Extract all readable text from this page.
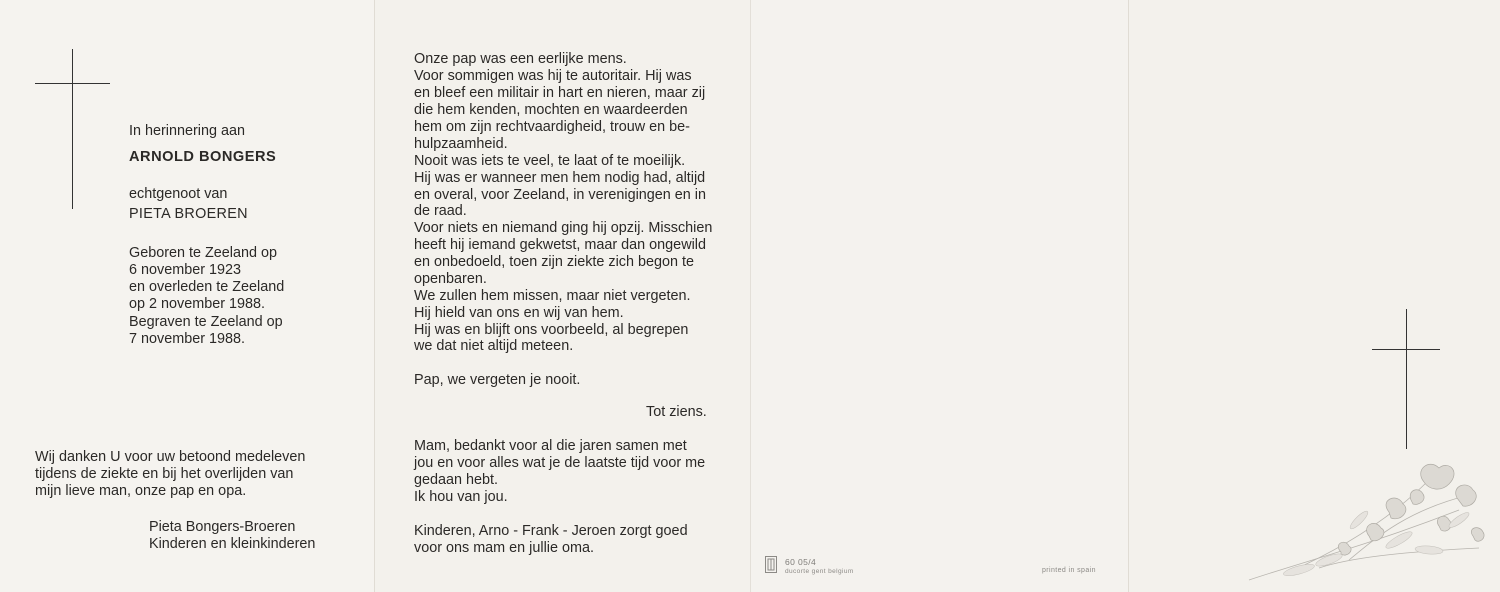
In herinnering aan
ARNOLD BONGERS
echtgenoot van
PIETA BROEREN
Geboren te Zeeland op
6 november 1923
en overleden te Zeeland
op 2 november 1988.
Begraven te Zeeland op
7 november 1988.
Wij danken U voor uw betoond medeleven
tijdens de ziekte en bij het overlijden van
mijn lieve man, onze pap en opa.
Pieta Bongers-Broeren
Kinderen en kleinkinderen
Onze pap was een eerlijke mens.
Voor sommigen was hij te autoritair. Hij was
en bleef een militair in hart en nieren, maar zij
die hem kenden, mochten en waardeerden
hem om zijn rechtvaardigheid, trouw en be-
hulpzaamheid.
Nooit was iets te veel, te laat of te moeilijk.
Hij was er wanneer men hem nodig had, altijd
en overal, voor Zeeland, in verenigingen en in
de raad.
Voor niets en niemand ging hij opzij. Misschien
heeft hij iemand gekwetst, maar dan ongewild
en onbedoeld, toen zijn ziekte zich begon te
openbaren.
We zullen hem missen, maar niet vergeten.
Hij hield van ons en wij van hem.
Hij was en blijft ons voorbeeld, al begrepen
we dat niet altijd meteen.
Pap, we vergeten je nooit.
Tot ziens.
Mam, bedankt voor al die jaren samen met
jou en voor alles wat je de laatste tijd voor me
gedaan hebt.
Ik hou van jou.
Kinderen, Arno - Frank - Jeroen zorgt goed
voor ons mam en jullie oma.
60 05/4
ducorte gent belgium	printed in spain
